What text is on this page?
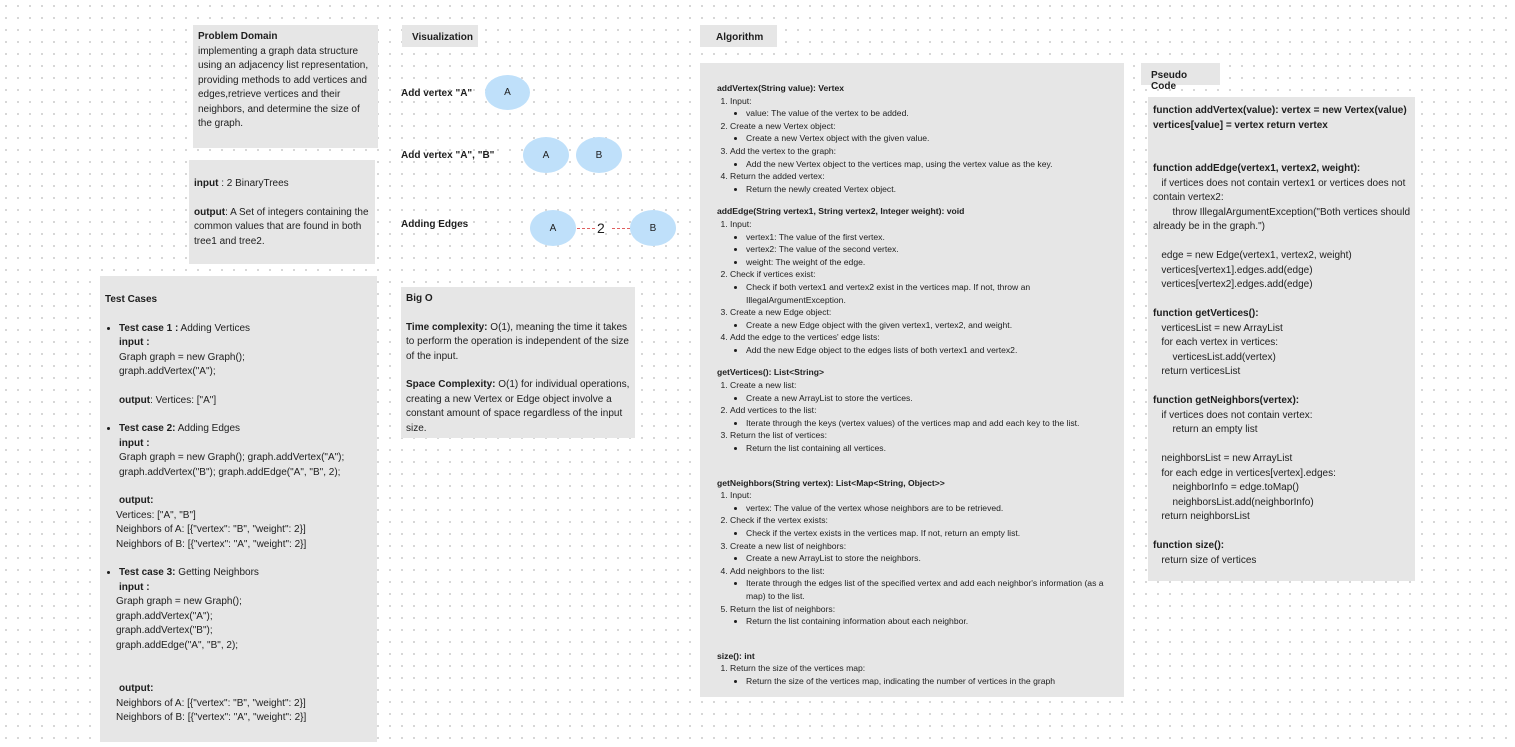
Problem Domain
implementing a graph data structure using an adjacency list representation, providing methods to add vertices and edges,retrieve vertices and their neighbors, and determine the size of the graph.
input : 2 BinaryTrees
output: A Set of integers containing the common values that are found in both tree1 and tree2.
Test Cases
• Test case 1 : Adding Vertices
input :

Graph graph = new Graph();
graph.addVertex("A");
output: Vertices: ["A"]
• Test case 2: Adding Edges
input :

Graph graph = new Graph(); graph.addVertex("A");
graph.addVertex("B"); graph.addEdge("A", "B", 2);
output:
Vertices: ["A", "B"]
Neighbors of A: [{"vertex": "B", "weight": 2}]
Neighbors of B: [{"vertex": "A", "weight": 2}]
• Test case 3: Getting Neighbors
input :

Graph graph = new Graph();
graph.addVertex("A");
graph.addVertex("B");
graph.addEdge("A", "B", 2);
output:
Neighbors of A: [{"vertex": "B", "weight": 2}]
Neighbors of B: [{"vertex": "A", "weight": 2}]
Visualization
Add vertex "A"	A
Add vertex "A", "B"	A	B
Adding Edges	A	2	B
Big O
Time complexity: O(1), meaning the time it takes to perform the operation is independent of the size of the input.
Space Complexity: O(1) for individual operations, creating a new Vertex or Edge object involve a constant amount of space regardless of the input size.
Algorithm
addVertex(String value): Vertex
1. Input:
• value: The value of the vertex to be added.
2. Create a new Vertex object:
• Create a new Vertex object with the given value.
3. Add the vertex to the graph:
• Add the new Vertex object to the vertices map, using the vertex value as the key.
4. Return the added vertex:
• Return the newly created Vertex object.
addEdge(String vertex1, String vertex2, Integer weight): void
1. Input:
• vertex1: The value of the first vertex.
• vertex2: The value of the second vertex.
• weight: The weight of the edge.
2. Check if vertices exist:
• Check if both vertex1 and vertex2 exist in the vertices map. If not, throw an IllegalArgumentException.
3. Create a new Edge object:
• Create a new Edge object with the given vertex1, vertex2, and weight.
4. Add the edge to the vertices' edge lists:
• Add the new Edge object to the edges lists of both vertex1 and vertex2.
getVertices(): List<String>
1. Create a new list:
• Create a new ArrayList to store the vertices.
2. Add vertices to the list:
• Iterate through the keys (vertex values) of the vertices map and add each key to the list.
3. Return the list of vertices:
• Return the list containing all vertices.
getNeighbors(String vertex): List<Map<String, Object>>
1. Input:
• vertex: The value of the vertex whose neighbors are to be retrieved.
2. Check if the vertex exists:
• Check if the vertex exists in the vertices map. If not, return an empty list.
3. Create a new list of neighbors:
• Create a new ArrayList to store the neighbors.
4. Add neighbors to the list:
• Iterate through the edges list of the specified vertex and add each neighbor's information (as a map) to the list.
5. Return the list of neighbors:
• Return the list containing information about each neighbor.
size(): int
1. Return the size of the vertices map:
• Return the size of the vertices map, indicating the number of vertices in the graph
Pseudo Code
function addVertex(value): vertex = new Vertex(value) vertices[value] = vertex return vertex
function addEdge(vertex1, vertex2, weight):
if vertices does not contain vertex1 or vertices does not contain vertex2:
throw IllegalArgumentException("Both vertices should already be in the graph.")
edge = new Edge(vertex1, vertex2, weight)
vertices[vertex1].edges.add(edge)
vertices[vertex2].edges.add(edge)
function getVertices():
verticesList = new ArrayList
for each vertex in vertices:
verticesList.add(vertex)
return verticesList
function getNeighbors(vertex):
if vertices does not contain vertex:
return an empty list
neighborsList = new ArrayList
for each edge in vertices[vertex].edges:
neighborInfo = edge.toMap()
neighborsList.add(neighborInfo)
return neighborsList
function size():
return size of vertices
